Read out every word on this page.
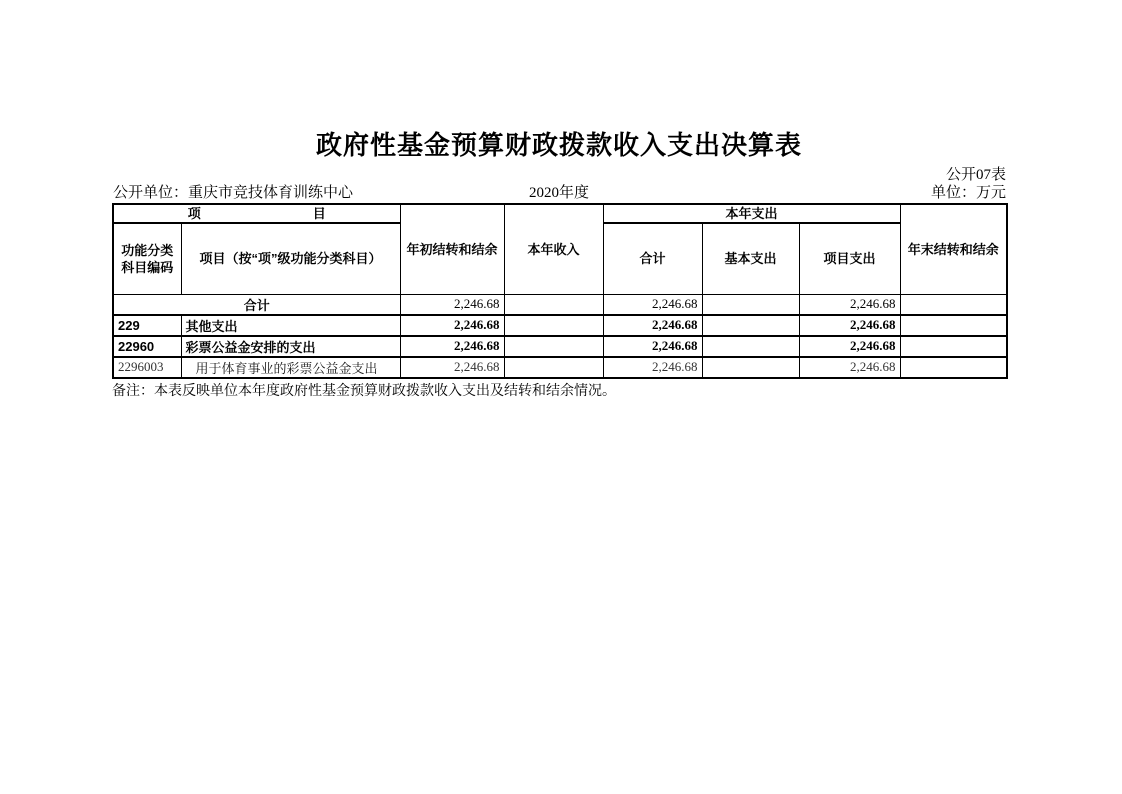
政府性基金预算财政拨款收入支出决算表
公开07表
公开单位：重庆市竞技体育训练中心	2020年度	单位：万元
项 目		年初结转和结余	本年收入	本年支出			年末结转和结余
功能分类科目编码	项目（按“项”级功能分类科目）			合计	基本支出	项目支出	
合计		2,246.68		2,246.68		2,246.68	
229	其他支出	2,246.68		2,246.68		2,246.68	
22960	彩票公益金安排的支出	2,246.68		2,246.68		2,246.68	
2296003	用于体育事业的彩票公益金支出	2,246.68		2,246.68		2,246.68	
备注：本表反映单位本年度政府性基金预算财政拨款收入支出及结转和结余情况。
